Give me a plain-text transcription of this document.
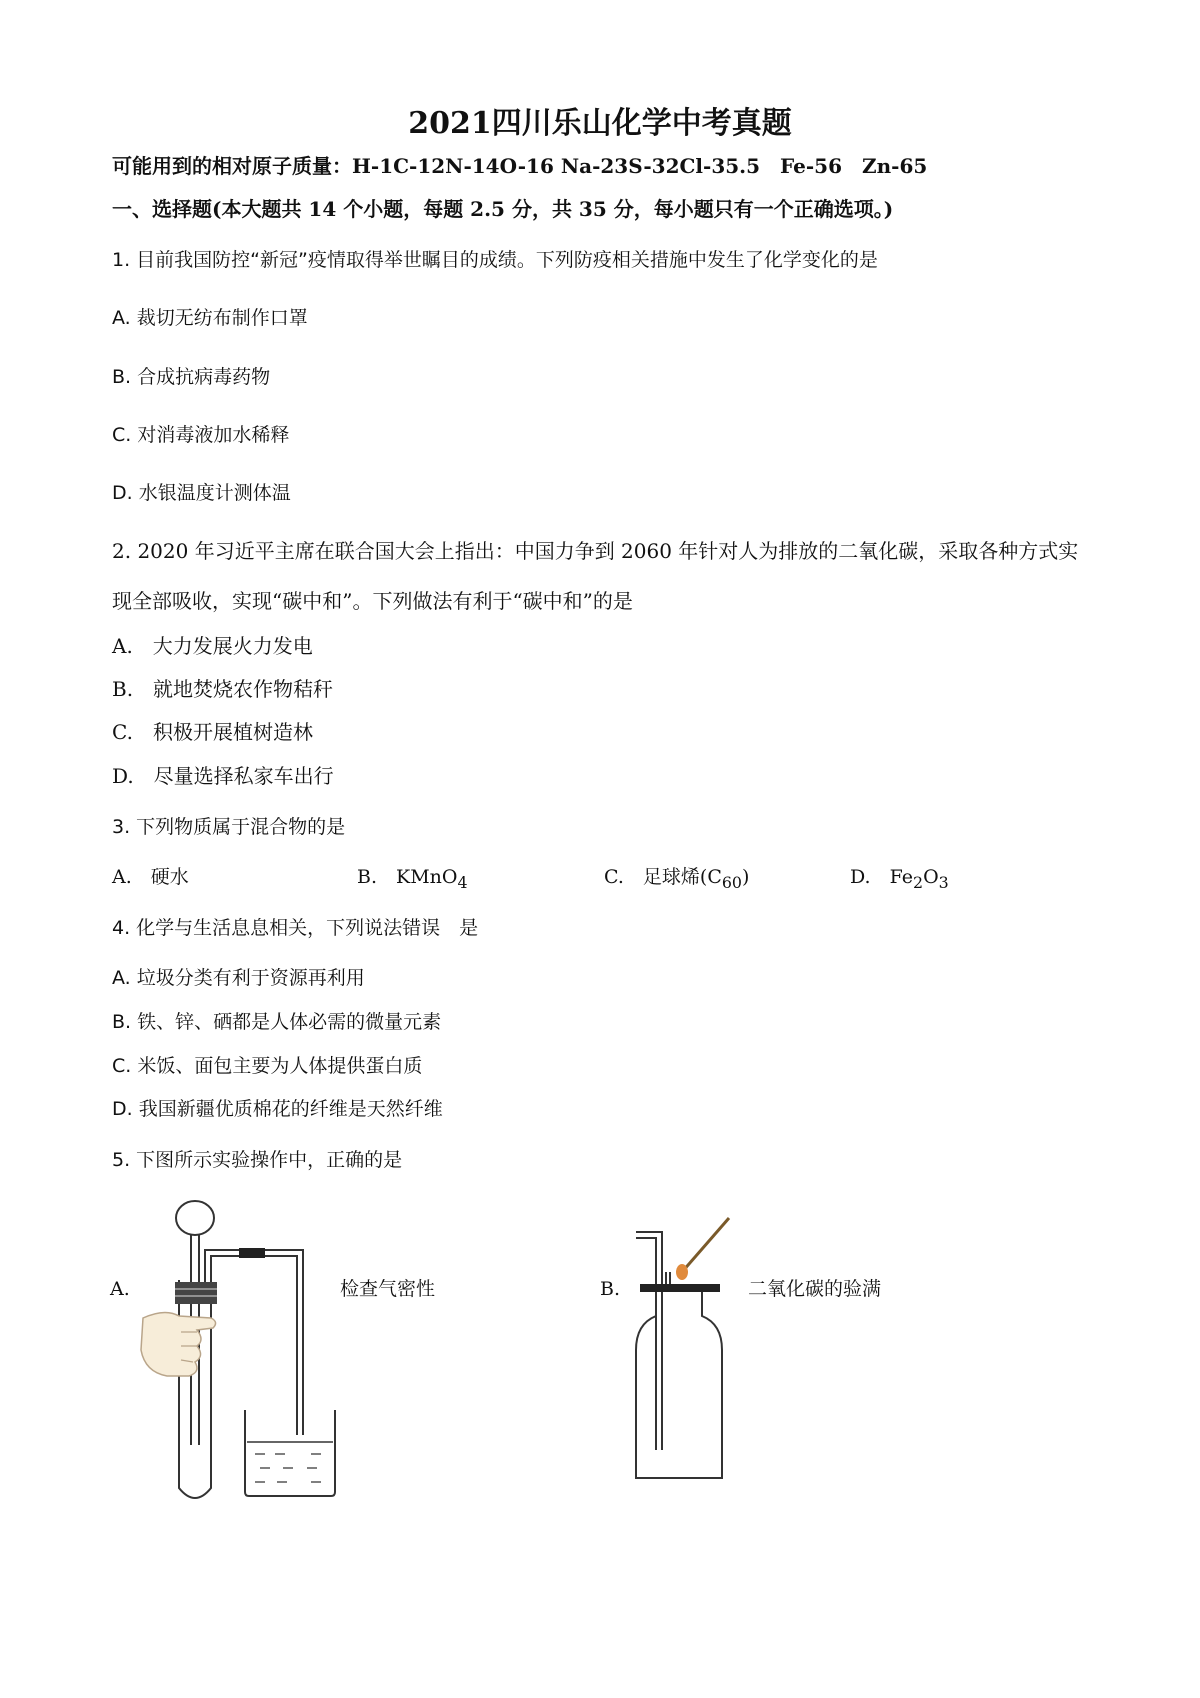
2021四川乐山化学中考真题
可能用到的相对原子质量：H-1C-12N-14O-16 Na-23S-32Cl-35.5　Fe-56　Zn-65
一、选择题(本大题共 14 个小题，每题 2.5 分，共 35 分，每小题只有一个正确选项。)
1. 目前我国防控“新冠”疫情取得举世瞩目的成绩。下列防疫相关措施中发生了化学变化的是
A. 裁切无纺布制作口罩
B. 合成抗病毒药物
C. 对消毒液加水稀释
D. 水银温度计测体温
2. 2020 年习近平主席在联合国大会上指出：中国力争到 2060 年针对人为排放的二氧化碳，采取各种方式实
现全部吸收，实现“碳中和”。下列做法有利于“碳中和”的是
A.　大力发展火力发电
B.　就地焚烧农作物秸秆
C.　积极开展植树造林
D.　尽量选择私家车出行
3. 下列物质属于混合物的是
A.　硬水	B.　KMnO$_4$	C.　足球烯$(C_{60})$	D.　$Fe_2O_3$
4. 化学与生活息息相关，下列说法错误　是
A. 垃圾分类有利于资源再利用
B. 铁、锌、硒都是人体必需的微量元素
C. 米饭、面包主要为人体提供蛋白质
D. 我国新疆优质棉花的纤维是天然纤维
5. 下图所示实验操作中，正确的是
A.	检查气密性	B.	二氧化碳的验满
